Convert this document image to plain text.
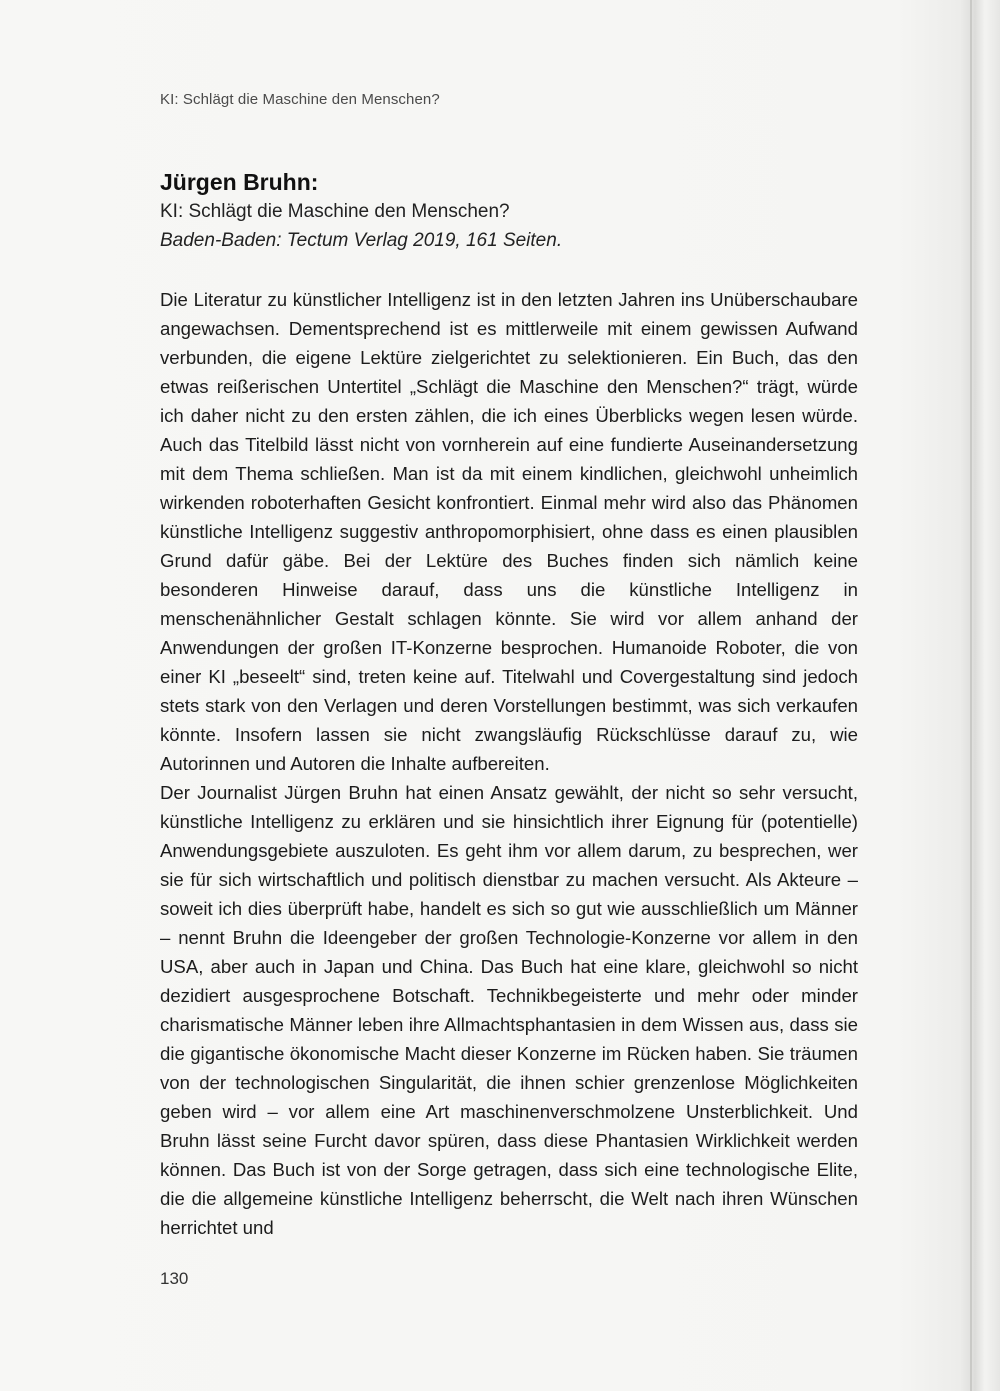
KI: Schlägt die Maschine den Menschen?
Jürgen Bruhn:
KI: Schlägt die Maschine den Menschen?
Baden-Baden: Tectum Verlag 2019, 161 Seiten.

Die Literatur zu künstlicher Intelligenz ist in den letzten Jahren ins Unüberschaubare angewachsen. Dementsprechend ist es mittlerweile mit einem gewissen Aufwand verbunden, die eigene Lektüre zielgerichtet zu selektionieren. Ein Buch, das den etwas reißerischen Untertitel „Schlägt die Maschine den Menschen?“ trägt, würde ich daher nicht zu den ersten zählen, die ich eines Überblicks wegen lesen würde. Auch das Titelbild lässt nicht von vornherein auf eine fundierte Auseinandersetzung mit dem Thema schließen. Man ist da mit einem kindlichen, gleichwohl unheimlich wirkenden roboterhaften Gesicht konfrontiert. Einmal mehr wird also das Phänomen künstliche Intelligenz suggestiv anthropomorphisiert, ohne dass es einen plausiblen Grund dafür gäbe. Bei der Lektüre des Buches finden sich nämlich keine besonderen Hinweise darauf, dass uns die künstliche Intelligenz in menschenähnlicher Gestalt schlagen könnte. Sie wird vor allem anhand der Anwendungen der großen IT-Konzerne besprochen. Humanoide Roboter, die von einer KI „beseelt“ sind, treten keine auf. Titelwahl und Covergestaltung sind jedoch stets stark von den Verlagen und deren Vorstellungen bestimmt, was sich verkaufen könnte. Insofern lassen sie nicht zwangsläufig Rückschlüsse darauf zu, wie Autorinnen und Autoren die Inhalte aufbereiten.

Der Journalist Jürgen Bruhn hat einen Ansatz gewählt, der nicht so sehr versucht, künstliche Intelligenz zu erklären und sie hinsichtlich ihrer Eignung für (potentielle) Anwendungsgebiete auszuloten. Es geht ihm vor allem darum, zu besprechen, wer sie für sich wirtschaftlich und politisch dienstbar zu machen versucht. Als Akteure – soweit ich dies überprüft habe, handelt es sich so gut wie ausschließlich um Männer – nennt Bruhn die Ideengeber der großen Technologie-Konzerne vor allem in den USA, aber auch in Japan und China. Das Buch hat eine klare, gleichwohl so nicht dezidiert ausgesprochene Botschaft. Technikbegeisterte und mehr oder minder charismatische Männer leben ihre Allmachtsphantasien in dem Wissen aus, dass sie die gigantische ökonomische Macht dieser Konzerne im Rücken haben. Sie träumen von der technologischen Singularität, die ihnen schier grenzenlose Möglichkeiten geben wird – vor allem eine Art maschinenverschmolzene Unsterblichkeit. Und Bruhn lässt seine Furcht davor spüren, dass diese Phantasien Wirklichkeit werden können. Das Buch ist von der Sorge getragen, dass sich eine technologische Elite, die die allgemeine künstliche Intelligenz beherrscht, die Welt nach ihren Wünschen herrichtet und

130
